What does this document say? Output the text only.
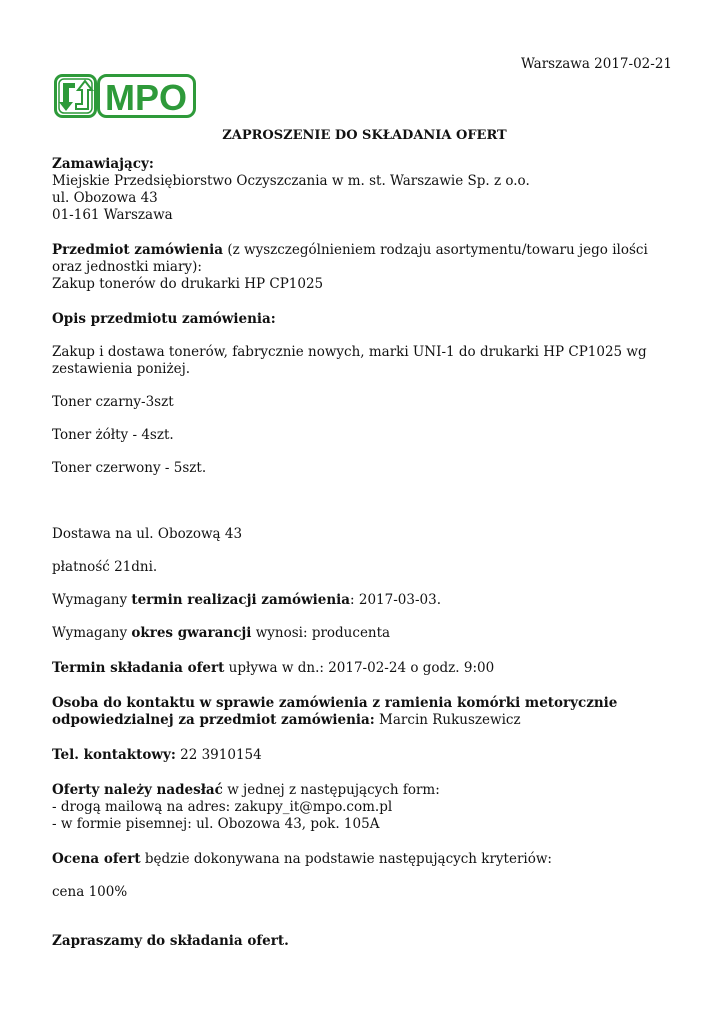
Warszawa 2017-02-21
MPO
ZAPROSZENIE DO SKŁADANIA OFERT

Zamawiający:
Miejskie Przedsiębiorstwo Oczyszczania w m. st. Warszawie Sp. z o.o.
ul. Obozowa 43
01-161 Warszawa

Przedmiot zamówienia (z wyszczególnieniem rodzaju asortymentu/towaru jego ilości oraz jednostki miary):
Zakup tonerów do drukarki HP CP1025

Opis przedmiotu zamówienia:

Zakup i dostawa tonerów, fabrycznie nowych, marki UNI-1 do drukarki HP CP1025 wg zestawienia poniżej.

Toner czarny-3szt

Toner żółty - 4szt.

Toner czerwony - 5szt.

Dostawa na ul. Obozową 43

płatność 21dni.

Wymagany termin realizacji zamówienia: 2017-03-03.

Wymagany okres gwarancji wynosi: producenta

Termin składania ofert upływa w dn.: 2017-02-24 o godz. 9:00

Osoba do kontaktu w sprawie zamówienia z ramienia komórki metorycznie odpowiedzialnej za przedmiot zamówienia: Marcin Rukuszewicz

Tel. kontaktowy: 22 3910154

Oferty należy nadesłać w jednej z następujących form:
- drogą mailową na adres: zakupy_it@mpo.com.pl
- w formie pisemnej: ul. Obozowa 43, pok. 105A

Ocena ofert będzie dokonywana na podstawie następujących kryteriów:

cena 100%

Zapraszamy do składania ofert.
